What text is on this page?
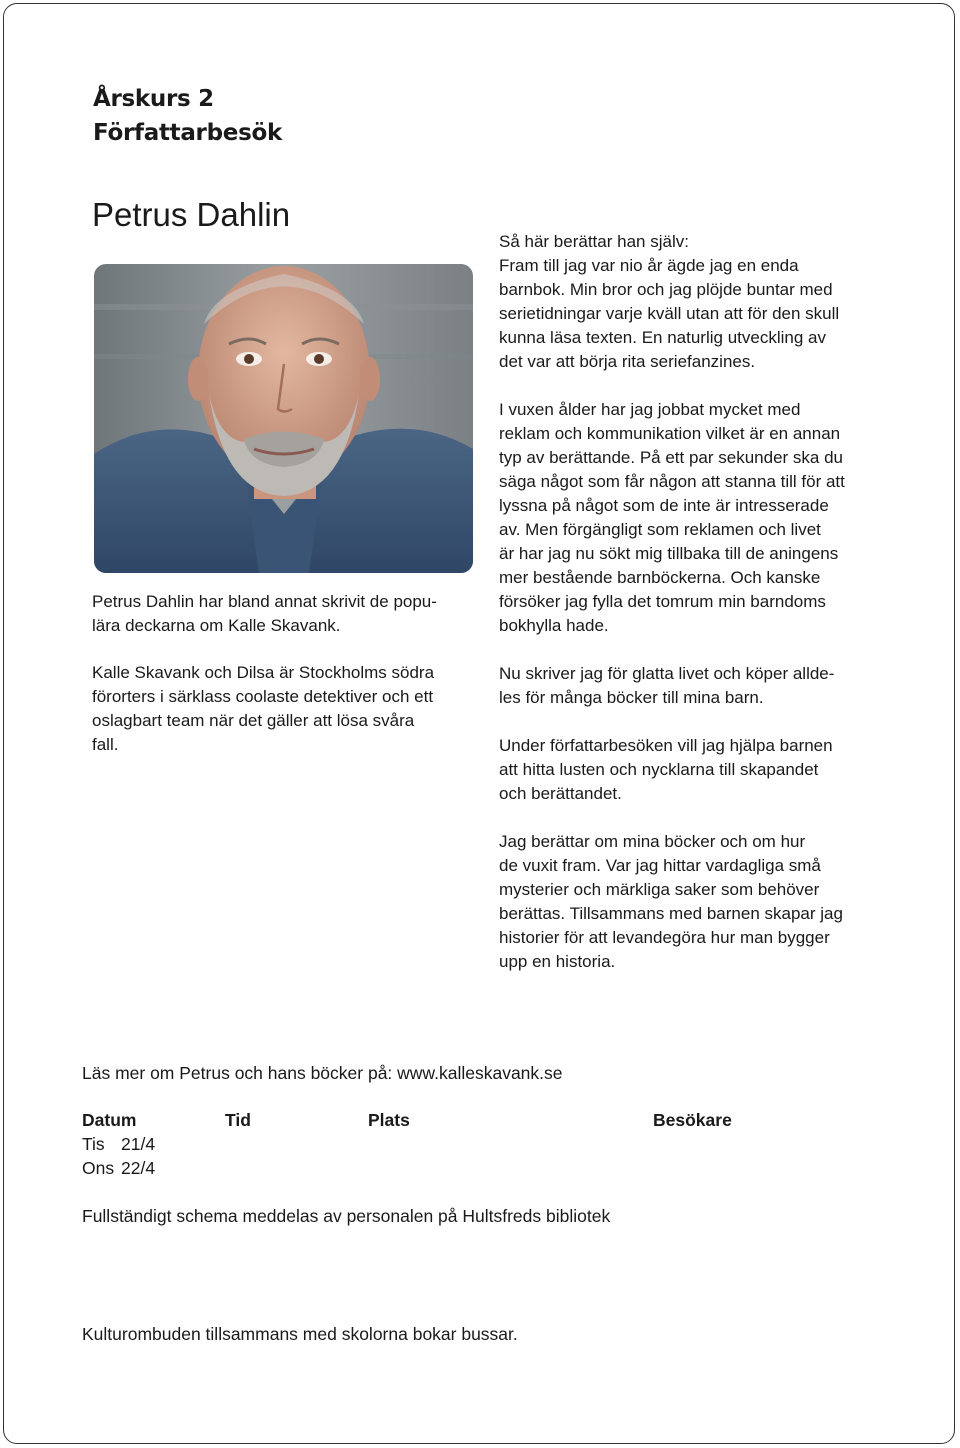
Årskurs 2
Författarbesök
Petrus Dahlin

Petrus Dahlin har bland annat skrivit de popu-
lära deckarna om Kalle Skavank.

Kalle Skavank och Dilsa är Stockholms södra
förorters i särklass coolaste detektiver och ett
oslagbart team när det gäller att lösa svåra
fall.

Så här berättar han själv:
Fram till jag var nio år ägde jag en enda
barnbok. Min bror och jag plöjde buntar med
serietidningar varje kväll utan att för den skull
kunna läsa texten. En naturlig utveckling av
det var att börja rita seriefanzines.

I vuxen ålder har jag jobbat mycket med
reklam och kommunikation vilket är en annan
typ av berättande. På ett par sekunder ska du
säga något som får någon att stanna till för att
lyssna på något som de inte är intresserade
av. Men förgängligt som reklamen och livet
är har jag nu sökt mig tillbaka till de aningens
mer bestående barnböckerna. Och kanske
försöker jag fylla det tomrum min barndoms
bokhylla hade.

Nu skriver jag för glatta livet och köper allde-
les för många böcker till mina barn.

Under författarbesöken vill jag hjälpa barnen
att hitta lusten och nycklarna till skapandet
och berättandet.

Jag berättar om mina böcker och om hur
de vuxit fram. Var jag hittar vardagliga små
mysterier och märkliga saker som behöver
berättas. Tillsammans med barnen skapar jag
historier för att levandegöra hur man bygger
upp en historia.

Läs mer om Petrus och hans böcker på: www.kalleskavank.se
Datum	Tid	Plats	Besökare
Tis 21/4
Ons 22/4
Fullständigt schema meddelas av personalen på Hultsfreds bibliotek
Kulturombuden tillsammans med skolorna bokar bussar.
